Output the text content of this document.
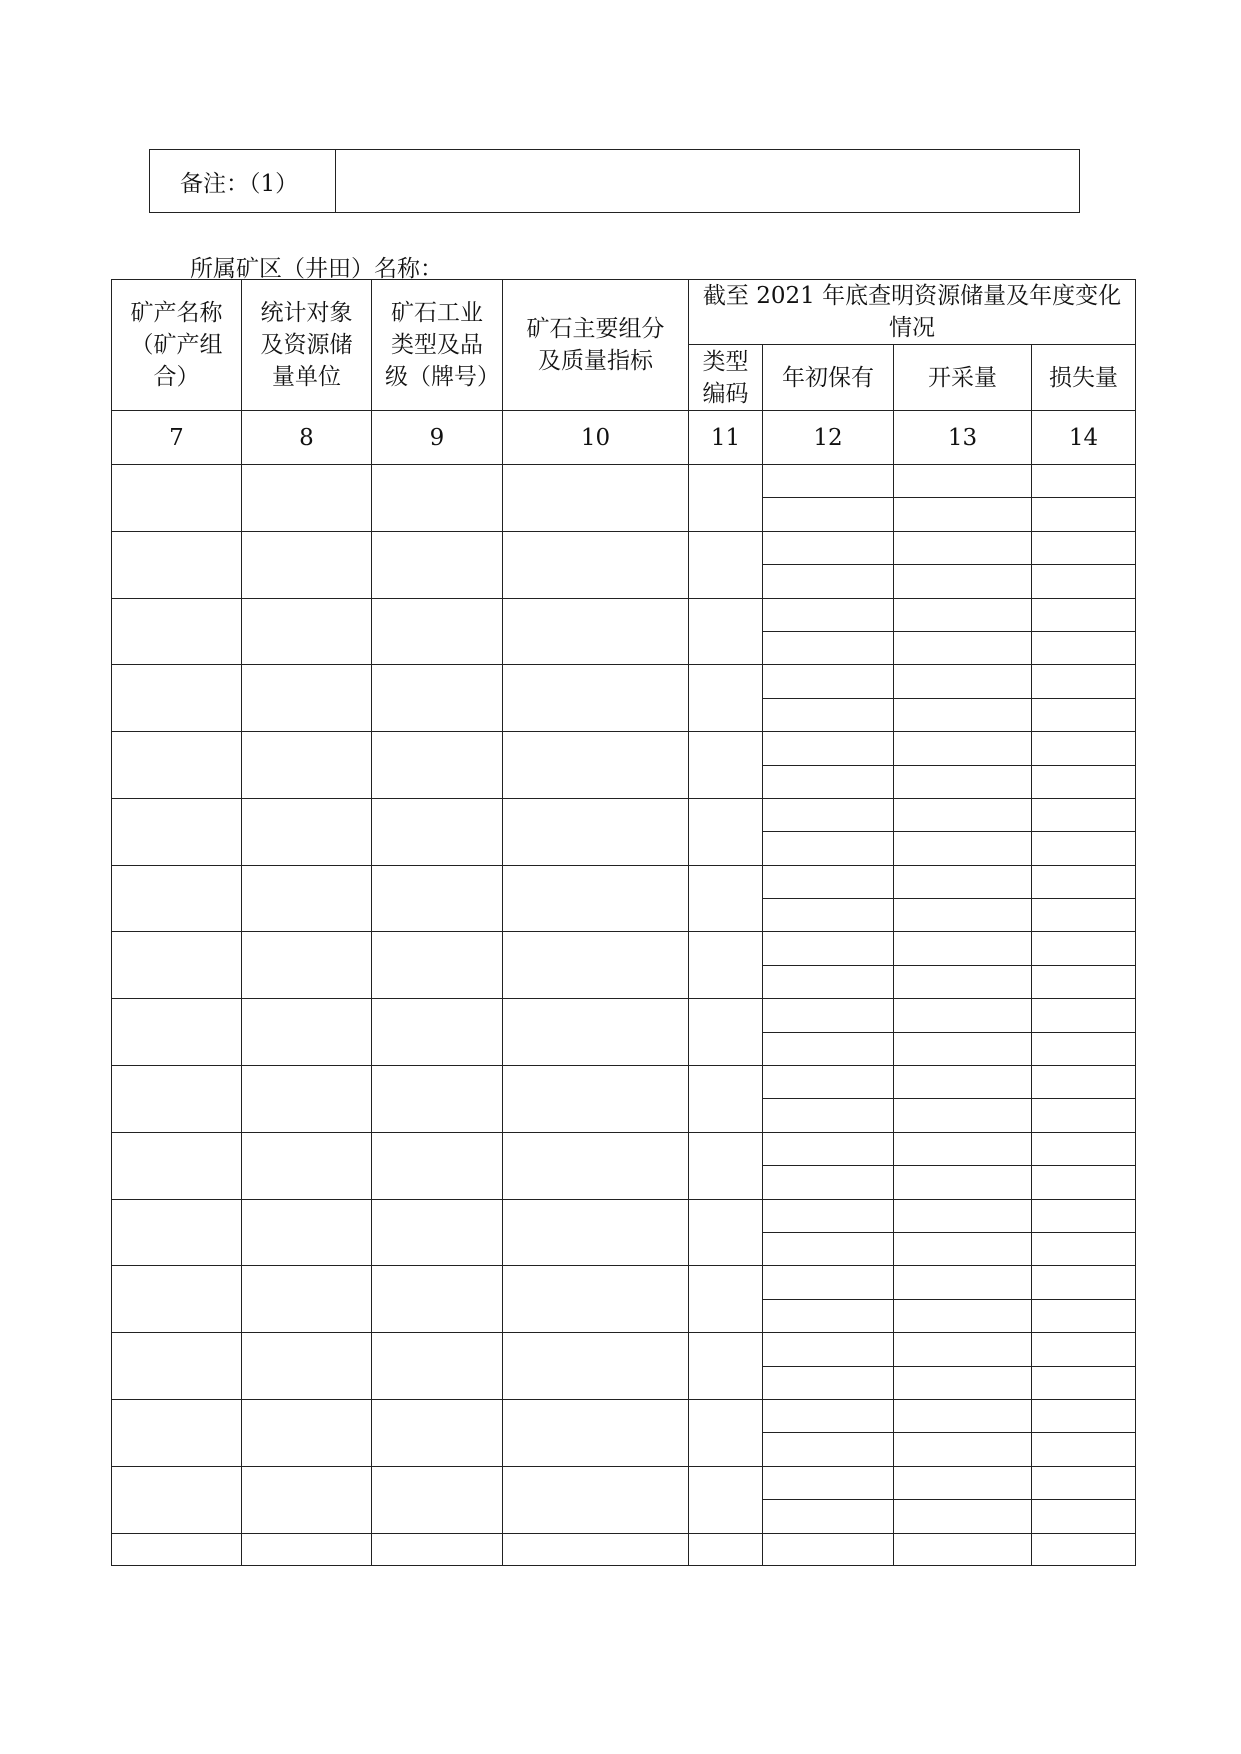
备注：（1）	
所属矿区（井田）名称：
矿产名称（矿产组合）	统计对象及资源储量单位	矿石工业类型及品级（牌号）	矿石主要组分及质量指标	截至 2021 年底查明资源储量及年度变化情况			
				类型编码	年初保有	开采量	损失量
7	8	9	10	11	12	13	14
